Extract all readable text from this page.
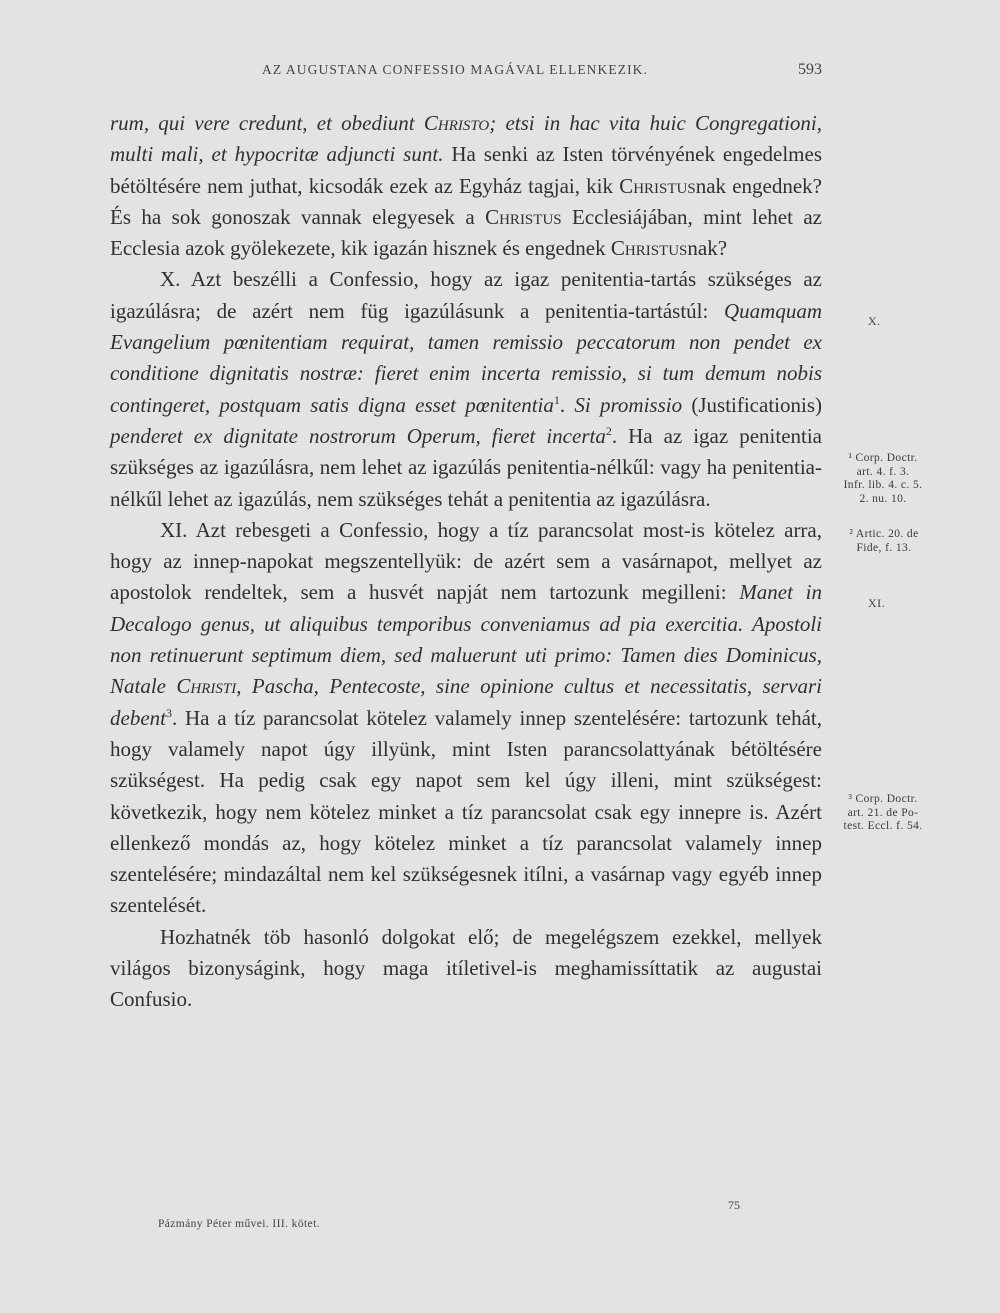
AZ AUGUSTANA CONFESSIO MAGÁVAL ELLENKEZIK.	593

rum, qui vere credunt, et obediunt Christo; etsi in hac vita huic Congregationi, multi mali, et hypocritæ adjuncti sunt. Ha senki az Isten törvényének engedelmes bétöltésére nem juthat, kicsodák ezek az Egyház tagjai, kik Christusnak engednek? És ha sok gonoszak vannak elegyesek a Christus Ecclesiájában, mint lehet az Ecclesia azok gyölekezete, kik igazán hisznek és engednek Christusnak?

X. Azt beszélli a Confessio, hogy az igaz penitentia-tartás szükséges az igazúlásra; de azért nem füg igazúlásunk a penitentia-tartástúl: Quamquam Evangelium pœnitentiam requirat, tamen remissio peccatorum non pendet ex conditione dignitatis nostræ: fieret enim incerta remissio, si tum demum nobis contingeret, postquam satis digna esset pœnitentia$^1$. Si promissio (Justificationis) penderet ex dignitate nostrorum Operum, fieret incerta$^2$. Ha az igaz penitentia szükséges az igazúlásra, nem lehet az igazúlás penitentia-nélkűl: vagy ha penitentia-nélkűl lehet az igazúlás, nem szükséges tehát a penitentia az igazúlásra.

XI. Azt rebesgeti a Confessio, hogy a tíz parancsolat most-is kötelez arra, hogy az innep-napokat megszentellyük: de azért sem a vasárnapot, mellyet az apostolok rendeltek, sem a husvét napját nem tartozunk megilleni: Manet in Decalogo genus, ut aliquibus temporibus conveniamus ad pia exercitia. Apostoli non retinuerunt septimum diem, sed maluerunt uti primo: Tamen dies Dominicus, Natale Christi, Pascha, Pentecoste, sine opinione cultus et necessitatis, servari debent$^3$. Ha a tíz parancsolat kötelez valamely innep szentelésére: tartozunk tehát, hogy valamely napot úgy illyünk, mint Isten parancsolattyának bétöltésére szükségest. Ha pedig csak egy napot sem kel úgy illeni, mint szükségest: következik, hogy nem kötelez minket a tíz parancsolat csak egy innepre is. Azért ellenkező mondás az, hogy kötelez minket a tíz parancsolat valamely innep szentelésére; mindazáltal nem kel szükségesnek itílni, a vasárnap vagy egyéb innep szentelését.

Hozhatnék töb hasonló dolgokat elő; de megelégszem ezekkel, mellyek világos bizonyságink, hogy maga itíletivel-is meghamissíttatik az augustai Confusio.

X.
¹ Corp. Doctr.
art. 4. f. 3.
Infr. lib. 4. c. 5.
2. nu. 10.
² Artic. 20. de
Fide, f. 13.
XI.
³ Corp. Doctr.
art. 21. de Po-
test. Eccl. f. 54.
Pázmány Péter művei. III. kötet.
75
